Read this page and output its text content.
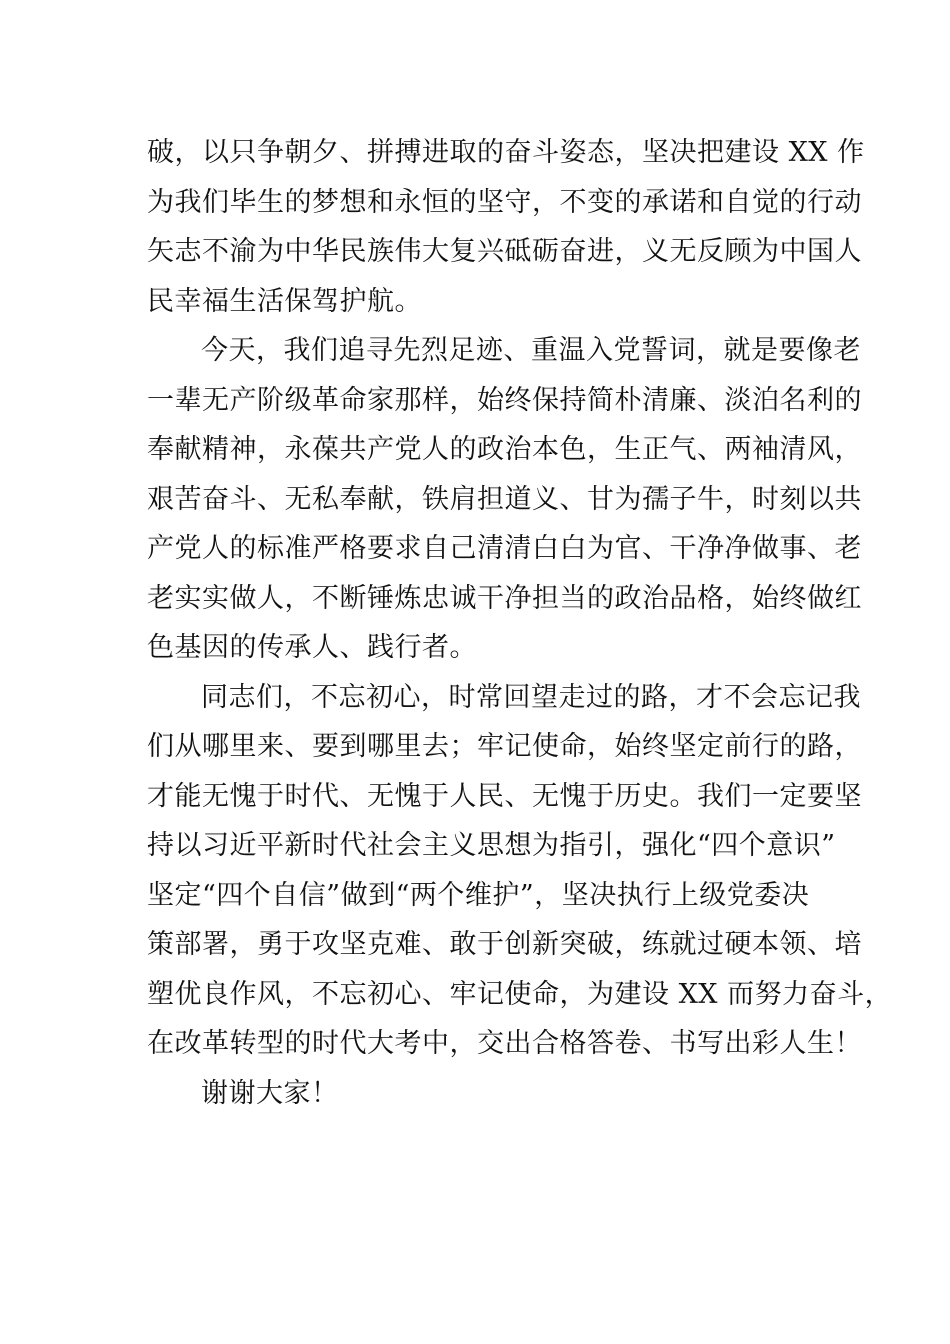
破，以只争朝夕、拼搏进取的奋斗姿态，坚决把建设 XX 作
为我们毕生的梦想和永恒的坚守，不变的承诺和自觉的行动
矢志不渝为中华民族伟大复兴砥砺奋进，义无反顾为中国人
民幸福生活保驾护航。
今天，我们追寻先烈足迹、重温入党誓词，就是要像老
一辈无产阶级革命家那样，始终保持简朴清廉、淡泊名利的
奉献精神，永葆共产党人的政治本色，生正气、两袖清风，
艰苦奋斗、无私奉献，铁肩担道义、甘为孺子牛，时刻以共
产党人的标准严格要求自己清清白白为官、干净净做事、老
老实实做人，不断锤炼忠诚干净担当的政治品格，始终做红
色基因的传承人、践行者。
同志们，不忘初心，时常回望走过的路，才不会忘记我
们从哪里来、要到哪里去；牢记使命，始终坚定前行的路，
才能无愧于时代、无愧于人民、无愧于历史。我们一定要坚
持以习近平新时代社会主义思想为指引，强化“四个意识”
坚定“四个自信”做到“两个维护”，坚决执行上级党委决
策部署，勇于攻坚克难、敢于创新突破，练就过硬本领、培
塑优良作风，不忘初心、牢记使命，为建设 XX 而努力奋斗，
在改革转型的时代大考中，交出合格答卷、书写出彩人生！
谢谢大家！
